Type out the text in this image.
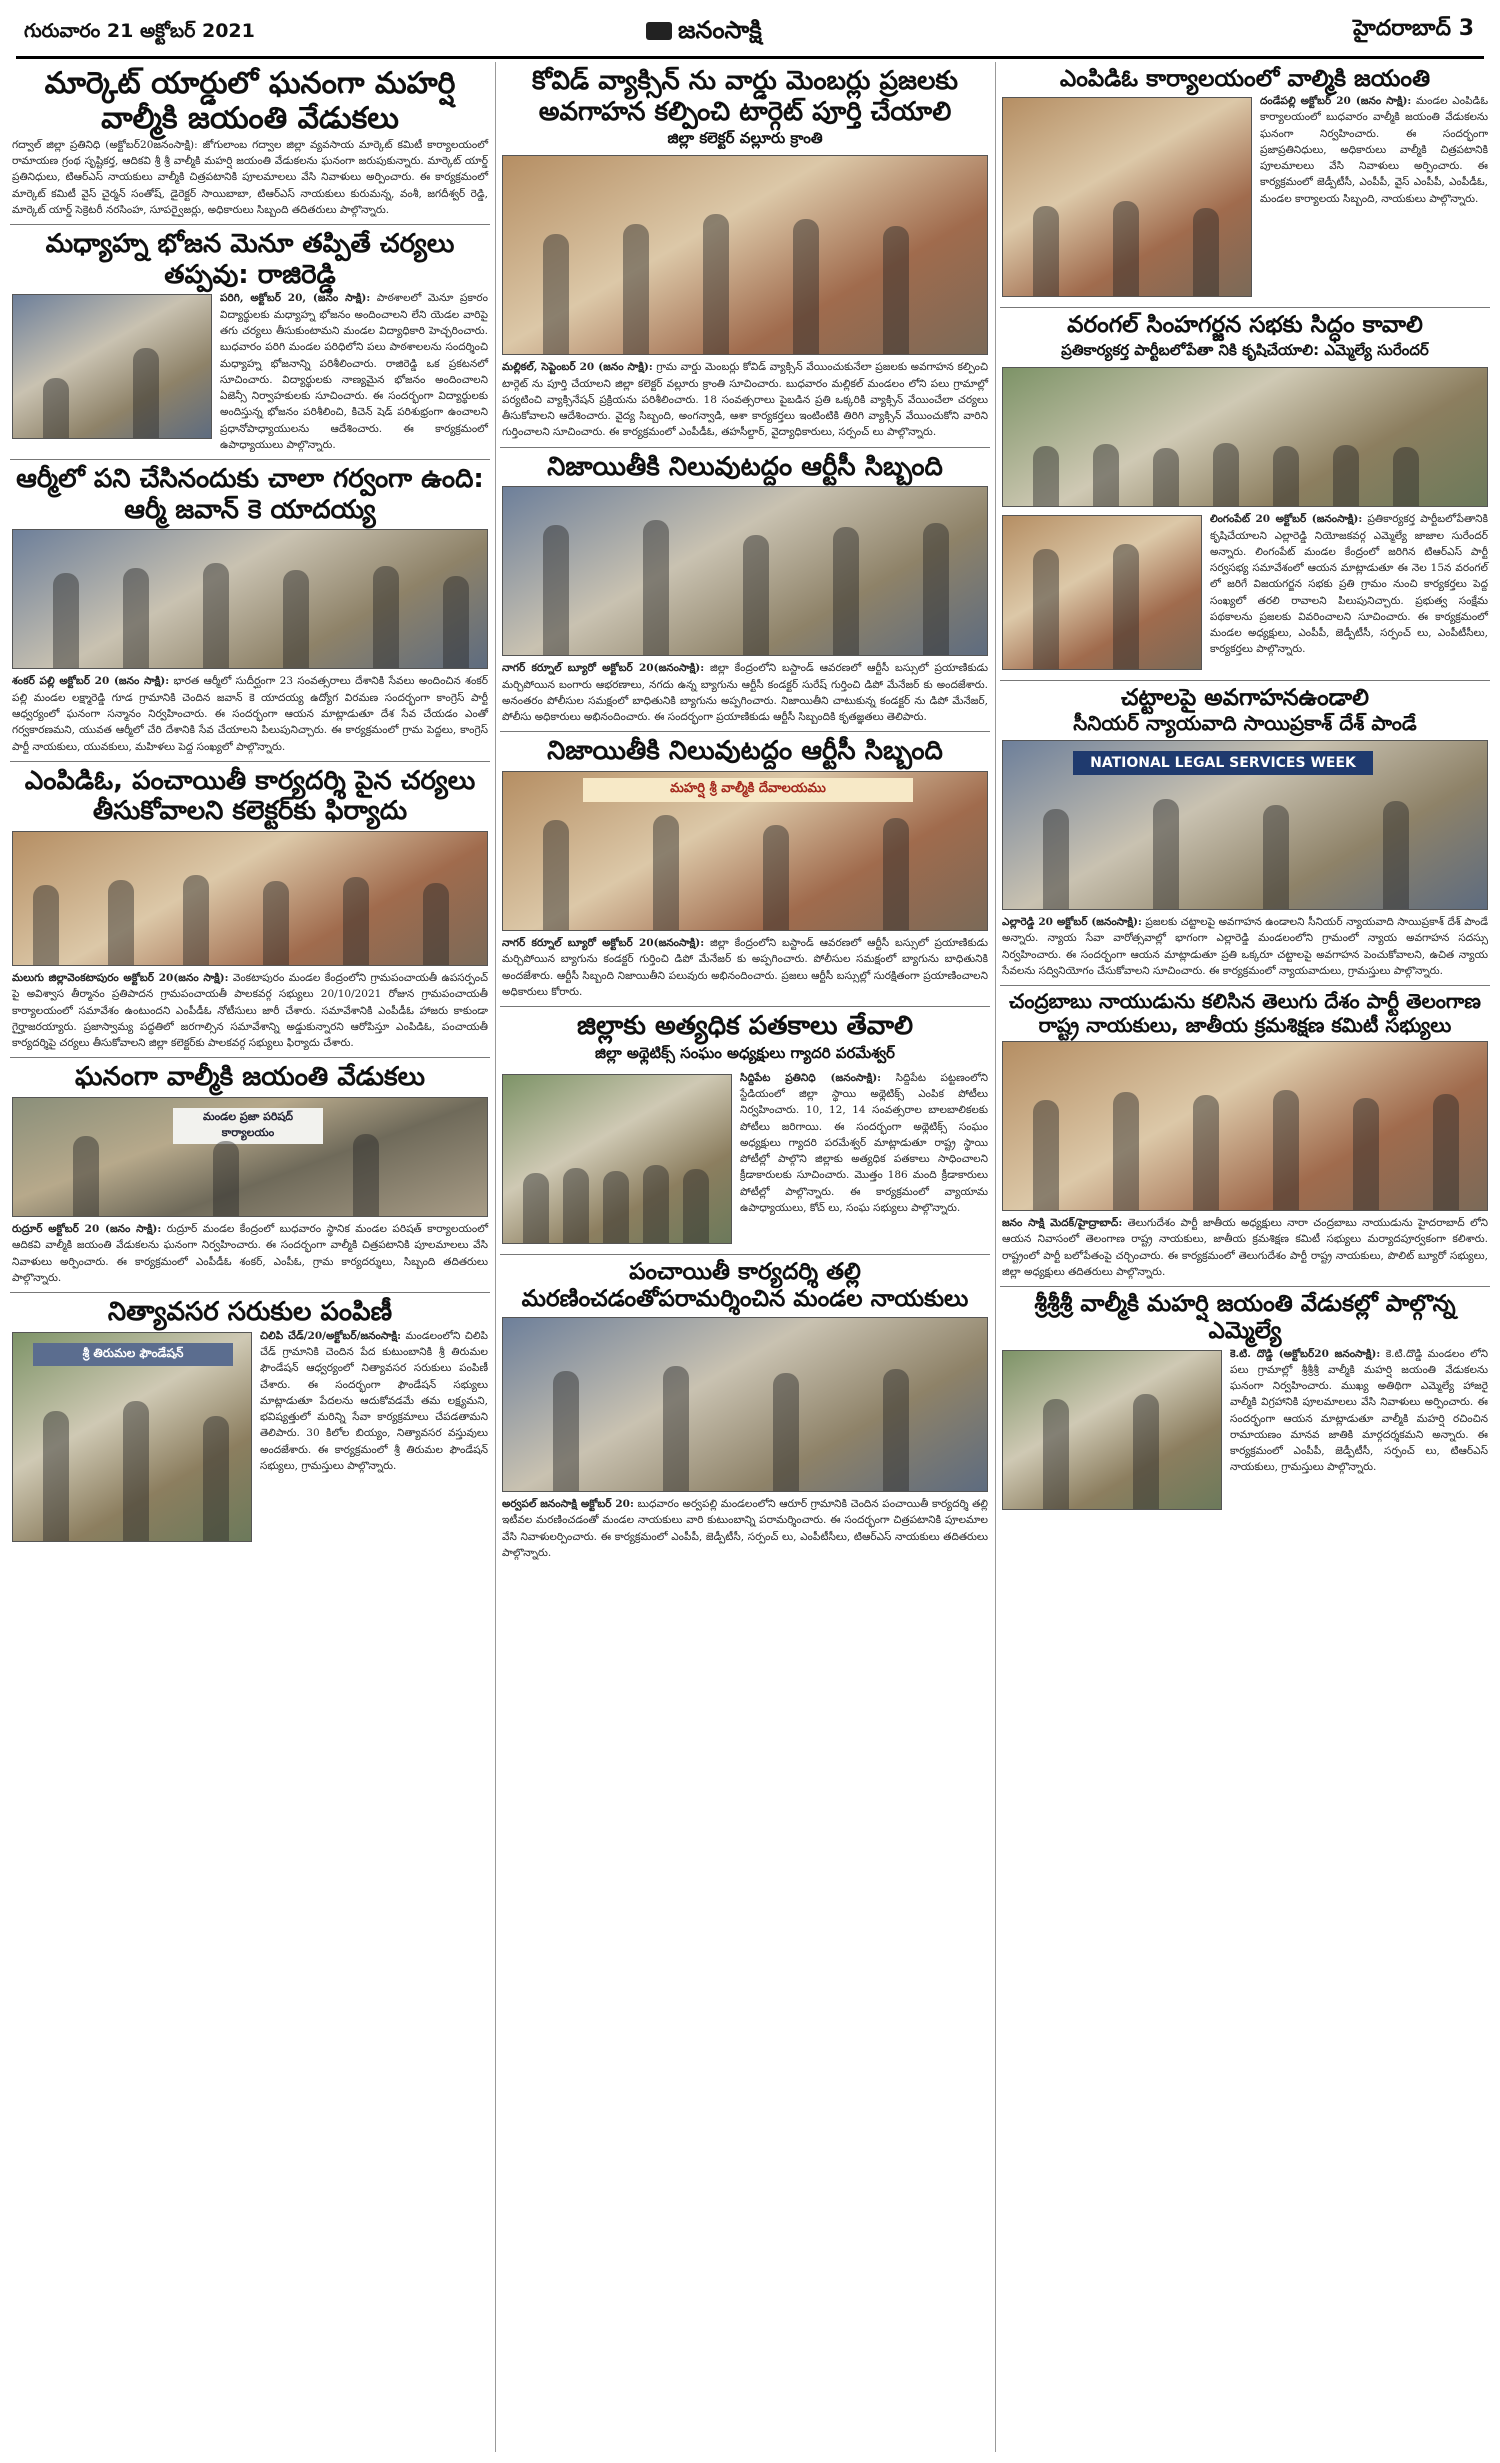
గురువారం 21 అక్టోబర్ 2021	జనంసాక్షి	హైదరాబాద్ 3
మార్కెట్ యార్డులో ఘనంగా మహర్షి వాల్మీకి జయంతి వేడుకలు
గద్వాల్ జిల్లా ప్రతినిధి (అక్టోబర్20జనంసాక్షి): జోగులాంబ గద్వాల జిల్లా వ్యవసాయ మార్కెట్ కమిటీ కార్యాలయంలో రామాయణ గ్రంథ సృష్టికర్త, ఆదికవి శ్రీ శ్రీ వాల్మీకి మహర్షి జయంతి వేడుకలను ఘనంగా జరుపుకున్నారు. మార్కెట్ యార్డ్ ప్రతినిధులు, టిఆర్ఎస్ నాయకులు వాల్మీకి చిత్రపటానికి పూలమాలలు వేసి నివాళులు అర్పించారు. ఈ కార్యక్రమంలో మార్కెట్ కమిటీ వైస్ చైర్మన్ సంతోష్, డైరెక్టర్ సాయిబాబా, టిఆర్ఎస్ నాయకులు కురుమన్న, వంశీ, జగదీశ్వర్ రెడ్డి, మార్కెట్ యార్డ్ సెక్రెటరీ నరసింహ, సూపర్వైజర్లు, అధికారులు సిబ్బంది తదితరులు పాల్గొన్నారు.
మధ్యాహ్న భోజన మెనూ తప్పితే చర్యలు తప్పవు: రాజిరెడ్డి
పరిగి, అక్టోబర్ 20, (జనం సాక్షి): పాఠశాలలో మెనూ ప్రకారం విద్యార్థులకు మధ్యాహ్న భోజనం అందించాలని లేని యెడల వారిపై తగు చర్యలు తీసుకుంటామని మండల విద్యాధికారి హెచ్చరించారు. బుధవారం పరిగి మండల పరిధిలోని పలు పాఠశాలలను సందర్శించి మధ్యాహ్న భోజనాన్ని పరిశీలించారు. రాజిరెడ్డి ఒక ప్రకటనలో సూచించారు. విద్యార్థులకు నాణ్యమైన భోజనం అందించాలని ఏజెన్సీ నిర్వాహకులకు సూచించారు. ఈ సందర్భంగా విద్యార్థులకు అందిస్తున్న భోజనం పరిశీలించి, కిచెన్ షెడ్ పరిశుభ్రంగా ఉంచాలని ప్రధానోపాధ్యాయులను ఆదేశించారు. ఈ కార్యక్రమంలో ఉపాధ్యాయులు పాల్గొన్నారు.
ఆర్మీలో పని చేసినందుకు చాలా గర్వంగా ఉంది: ఆర్మీ జవాన్ కె యాదయ్య
శంకర్ పల్లి అక్టోబర్ 20 (జనం సాక్షి): భారత ఆర్మీలో సుదీర్ఘంగా 23 సంవత్సరాలు దేశానికి సేవలు అందించిన శంకర్ పల్లి మండల లక్ష్మారెడ్డి గూడ గ్రామానికి చెందిన జవాన్ కె యాదయ్య ఉద్యోగ విరమణ సందర్భంగా కాంగ్రెస్ పార్టీ ఆధ్వర్యంలో ఘనంగా సన్మానం నిర్వహించారు. ఈ సందర్భంగా ఆయన మాట్లాడుతూ దేశ సేవ చేయడం ఎంతో గర్వకారణమని, యువత ఆర్మీలో చేరి దేశానికి సేవ చేయాలని పిలుపునిచ్చారు. ఈ కార్యక్రమంలో గ్రామ పెద్దలు, కాంగ్రెస్ పార్టీ నాయకులు, యువకులు, మహిళలు పెద్ద సంఖ్యలో పాల్గొన్నారు.
ఎంపిడిఓ, పంచాయితీ కార్యదర్శి పైన చర్యలు తీసుకోవాలని కలెక్టర్‌కు ఫిర్యాదు
మలుగు జిల్లావెంకటాపురం అక్టోబర్ 20(జనం సాక్షి): వెంకటాపురం మండల కేంద్రంలోని గ్రామపంచాయతీ ఉపసర్పంచ్ పై అవిశ్వాస తీర్మానం ప్రతిపాదన గ్రామపంచాయతీ పాలకవర్గ సభ్యులు 20/10/2021 రోజున గ్రామపంచాయతీ కార్యాలయంలో సమావేశం ఉంటుందని ఎంపీడీఓ నోటీసులు జారీ చేశారు. సమావేశానికి ఎంపీడీఓ హాజరు కాకుండా గైర్హాజరయ్యారు. ప్రజాస్వామ్య పద్ధతిలో జరగాల్సిన సమావేశాన్ని అడ్డుకున్నారని ఆరోపిస్తూ ఎంపిడిఓ, పంచాయతీ కార్యదర్శిపై చర్యలు తీసుకోవాలని జిల్లా కలెక్టర్‌కు పాలకవర్గ సభ్యులు ఫిర్యాదు చేశారు.
ఘనంగా వాల్మీకి జయంతి వేడుకలు
మండల ప్రజా పరిషద్ కార్యాలయం
రుద్రూర్ అక్టోబర్ 20 (జనం సాక్షి): రుద్రూర్ మండల కేంద్రంలో బుధవారం స్థానిక మండల పరిషత్ కార్యాలయంలో ఆదికవి వాల్మీకి జయంతి వేడుకలను ఘనంగా నిర్వహించారు. ఈ సందర్భంగా వాల్మీకి చిత్రపటానికి పూలమాలలు వేసి నివాళులు అర్పించారు. ఈ కార్యక్రమంలో ఎంపీడీఓ శంకర్, ఎంపీఓ, గ్రామ కార్యదర్శులు, సిబ్బంది తదితరులు పాల్గొన్నారు.
నిత్యావసర సరుకుల పంపిణీ
శ్రీ తిరుమల ఫౌండేషన్
చిలిపి చేడ్/20/అక్టోబర్/జనంసాక్షి: మండలంలోని చిలిపి చేడ్ గ్రామానికి చెందిన పేద కుటుంబానికి శ్రీ తిరుమల ఫౌండేషన్ ఆధ్వర్యంలో నిత్యావసర సరుకులు పంపిణీ చేశారు. ఈ సందర్భంగా ఫౌండేషన్ సభ్యులు మాట్లాడుతూ పేదలను ఆదుకోవడమే తమ లక్ష్యమని, భవిష్యత్తులో మరిన్ని సేవా కార్యక్రమాలు చేపడతామని తెలిపారు. 30 కిలోల బియ్యం, నిత్యావసర వస్తువులు అందజేశారు. ఈ కార్యక్రమంలో శ్రీ తిరుమల ఫౌండేషన్ సభ్యులు, గ్రామస్తులు పాల్గొన్నారు.
కోవిడ్ వ్యాక్సిన్ ను వార్డు మెంబర్లు ప్రజలకు అవగాహన కల్పించి టార్గెట్ పూర్తి చేయాలి
జిల్లా కలెక్టర్ వల్లూరు క్రాంతి
మల్లికల్, సెప్టెంబర్ 20 (జనం సాక్షి): గ్రామ వార్డు మెంబర్లు కోవిడ్ వ్యాక్సిన్ వేయించుకునేలా ప్రజలకు అవగాహన కల్పించి టార్గెట్ ను పూర్తి చేయాలని జిల్లా కలెక్టర్ వల్లూరు క్రాంతి సూచించారు. బుధవారం మల్లికల్ మండలం లోని పలు గ్రామాల్లో పర్యటించి వ్యాక్సినేషన్ ప్రక్రియను పరిశీలించారు. 18 సంవత్సరాలు పైబడిన ప్రతి ఒక్కరికి వ్యాక్సిన్ వేయించేలా చర్యలు తీసుకోవాలని ఆదేశించారు. వైద్య సిబ్బంది, అంగన్వాడి, ఆశా కార్యకర్తలు ఇంటింటికి తిరిగి వ్యాక్సిన్ వేయించుకోని వారిని గుర్తించాలని సూచించారు. ఈ కార్యక్రమంలో ఎంపీడీఓ, తహసీల్దార్, వైద్యాధికారులు, సర్పంచ్ లు పాల్గొన్నారు.
నిజాయితీకి నిలువుటద్దం ఆర్టీసీ సిబ్బంది
నాగర్ కర్నూల్ బ్యూరో అక్టోబర్ 20(జనంసాక్షి): జిల్లా కేంద్రంలోని బస్టాండ్ ఆవరణలో ఆర్టీసీ బస్సులో ప్రయాణికుడు మర్చిపోయిన బంగారు ఆభరణాలు, నగదు ఉన్న బ్యాగును ఆర్టీసీ కండక్టర్ సురేష్ గుర్తించి డిపో మేనేజర్ కు అందజేశారు. అనంతరం పోలీసుల సమక్షంలో బాధితునికి బ్యాగును అప్పగించారు. నిజాయితీని చాటుకున్న కండక్టర్ ను డిపో మేనేజర్, పోలీసు అధికారులు అభినందించారు. ఈ సందర్భంగా ప్రయాణికుడు ఆర్టీసీ సిబ్బందికి కృతజ్ఞతలు తెలిపారు.
నిజాయితీకి నిలువుటద్దం ఆర్టీసీ సిబ్బంది
మహర్షి శ్రీ వాల్మీకి దేవాలయము
నాగర్ కర్నూల్ బ్యూరో అక్టోబర్ 20(జనంసాక్షి): జిల్లా కేంద్రంలోని బస్టాండ్ ఆవరణలో ఆర్టీసీ బస్సులో ప్రయాణికుడు మర్చిపోయిన బ్యాగును కండక్టర్ గుర్తించి డిపో మేనేజర్ కు అప్పగించారు. పోలీసుల సమక్షంలో బ్యాగును బాధితునికి అందజేశారు. ఆర్టీసీ సిబ్బంది నిజాయితీని పలువురు అభినందించారు. ప్రజలు ఆర్టీసీ బస్సుల్లో సురక్షితంగా ప్రయాణించాలని అధికారులు కోరారు.
జిల్లాకు అత్యధిక పతకాలు తేవాలి
జిల్లా అథ్లెటిక్స్ సంఘం అధ్యక్షులు గ్యాదరి పరమేశ్వర్
సిద్దిపేట ప్రతినిధి (జనంసాక్షి): సిద్దిపేట పట్టణంలోని స్టేడియంలో జిల్లా స్థాయి అథ్లెటిక్స్ ఎంపిక పోటీలు నిర్వహించారు. 10, 12, 14 సంవత్సరాల బాలబాలికలకు పోటీలు జరిగాయి. ఈ సందర్భంగా అథ్లెటిక్స్ సంఘం అధ్యక్షులు గ్యాదరి పరమేశ్వర్ మాట్లాడుతూ రాష్ట్ర స్థాయి పోటీల్లో పాల్గొని జిల్లాకు అత్యధిక పతకాలు సాధించాలని క్రీడాకారులకు సూచించారు. మొత్తం 186 మంది క్రీడాకారులు పోటీల్లో పాల్గొన్నారు. ఈ కార్యక్రమంలో వ్యాయామ ఉపాధ్యాయులు, కోచ్ లు, సంఘ సభ్యులు పాల్గొన్నారు.
పంచాయితీ కార్యదర్శి తల్లి మరణించడంతోపరామర్శించిన మండల నాయకులు
అర్వపల్ జనంసాక్షి అక్టోబర్ 20: బుధవారం అర్వపల్లి మండలంలోని ఆరూర్ గ్రామానికి చెందిన పంచాయితీ కార్యదర్శి తల్లి ఇటీవల మరణించడంతో మండల నాయకులు వారి కుటుంబాన్ని పరామర్శించారు. ఈ సందర్భంగా చిత్రపటానికి పూలమాల వేసి నివాళులర్పించారు. ఈ కార్యక్రమంలో ఎంపీపీ, జెడ్పీటీసీ, సర్పంచ్ లు, ఎంపీటీసీలు, టిఆర్ఎస్ నాయకులు తదితరులు పాల్గొన్నారు.
ఎంపిడిఓ కార్యాలయంలో వాల్మికి జయంతి
దండేపల్లి అక్టోబర్ 20 (జనం సాక్షి): మండల ఎంపిడిఓ కార్యాలయంలో బుధవారం వాల్మీకి జయంతి వేడుకలను ఘనంగా నిర్వహించారు. ఈ సందర్భంగా ప్రజాప్రతినిధులు, అధికారులు వాల్మీకి చిత్రపటానికి పూలమాలలు వేసి నివాళులు అర్పించారు. ఈ కార్యక్రమంలో జెడ్పీటీసీ, ఎంపీపీ, వైస్ ఎంపీపీ, ఎంపీడీఓ, మండల కార్యాలయ సిబ్బంది, నాయకులు పాల్గొన్నారు.
వరంగల్ సింహగర్జన సభకు సిద్ధం కావాలి
ప్రతికార్యకర్త పార్టీబలోపేతా నికి కృషిచేయాలి: ఎమ్మెల్యే సురేందర్
లింగంపేట్ 20 అక్టోబర్ (జనంసాక్షి): ప్రతికార్యకర్త పార్టీబలోపేతానికి కృషిచేయాలని ఎల్లారెడ్డి నియోజకవర్గ ఎమ్మెల్యే జాజాల సురేందర్ అన్నారు. లింగంపేట్ మండల కేంద్రంలో జరిగిన టిఆర్ఎస్ పార్టీ సర్వసభ్య సమావేశంలో ఆయన మాట్లాడుతూ ఈ నెల 15న వరంగల్ లో జరిగే విజయగర్జన సభకు ప్రతి గ్రామం నుంచి కార్యకర్తలు పెద్ద సంఖ్యలో తరలి రావాలని పిలుపునిచ్చారు. ప్రభుత్వ సంక్షేమ పథకాలను ప్రజలకు వివరించాలని సూచించారు. ఈ కార్యక్రమంలో మండల అధ్యక్షులు, ఎంపీపీ, జెడ్పీటీసీ, సర్పంచ్ లు, ఎంపీటీసీలు, కార్యకర్తలు పాల్గొన్నారు.
చట్టాలపై అవగాహనఉండాలి
సీనియర్ న్యాయవాది సాయిప్రకాశ్ దేశ్ పాండే
NATIONAL LEGAL SERVICES WEEK
ఎల్లారెడ్డి 20 అక్టోబర్ (జనంసాక్షి): ప్రజలకు చట్టాలపై అవగాహన ఉండాలని సీనియర్ న్యాయవాది సాయిప్రకాశ్ దేశ్ పాండే అన్నారు. న్యాయ సేవా వారోత్సవాల్లో భాగంగా ఎల్లారెడ్డి మండలంలోని గ్రామంలో న్యాయ అవగాహన సదస్సు నిర్వహించారు. ఈ సందర్భంగా ఆయన మాట్లాడుతూ ప్రతి ఒక్కరూ చట్టాలపై అవగాహన పెంచుకోవాలని, ఉచిత న్యాయ సేవలను సద్వినియోగం చేసుకోవాలని సూచించారు. ఈ కార్యక్రమంలో న్యాయవాదులు, గ్రామస్తులు పాల్గొన్నారు.
చంద్రబాబు నాయుడును కలిసిన తెలుగు దేశం పార్టీ తెలంగాణ రాష్ట్ర నాయకులు, జాతీయ క్రమశిక్షణ కమిటీ సభ్యులు
జనం సాక్షి మెదక్/హైద్రాబాద్: తెలుగుదేశం పార్టీ జాతీయ అధ్యక్షులు నారా చంద్రబాబు నాయుడును హైదరాబాద్ లోని ఆయన నివాసంలో తెలంగాణ రాష్ట్ర నాయకులు, జాతీయ క్రమశిక్షణ కమిటీ సభ్యులు మర్యాదపూర్వకంగా కలిశారు. రాష్ట్రంలో పార్టీ బలోపేతంపై చర్చించారు. ఈ కార్యక్రమంలో తెలుగుదేశం పార్టీ రాష్ట్ర నాయకులు, పొలిట్ బ్యూరో సభ్యులు, జిల్లా అధ్యక్షులు తదితరులు పాల్గొన్నారు.
శ్రీశ్రీశ్రీ వాల్మీకి మహర్షి జయంతి వేడుకల్లో పాల్గొన్న ఎమ్మెల్యే
కె.టి. దొడ్డి (అక్టోబర్20 జనంసాక్షి): కె.టి.దొడ్డి మండలం లోని పలు గ్రామాల్లో శ్రీశ్రీశ్రీ వాల్మీకి మహర్షి జయంతి వేడుకలను ఘనంగా నిర్వహించారు. ముఖ్య అతిథిగా ఎమ్మెల్యే హాజరై వాల్మీకి విగ్రహానికి పూలమాలలు వేసి నివాళులు అర్పించారు. ఈ సందర్భంగా ఆయన మాట్లాడుతూ వాల్మీకి మహర్షి రచించిన రామాయణం మానవ జాతికి మార్గదర్శకమని అన్నారు. ఈ కార్యక్రమంలో ఎంపీపీ, జెడ్పీటీసీ, సర్పంచ్ లు, టిఆర్ఎస్ నాయకులు, గ్రామస్తులు పాల్గొన్నారు.
